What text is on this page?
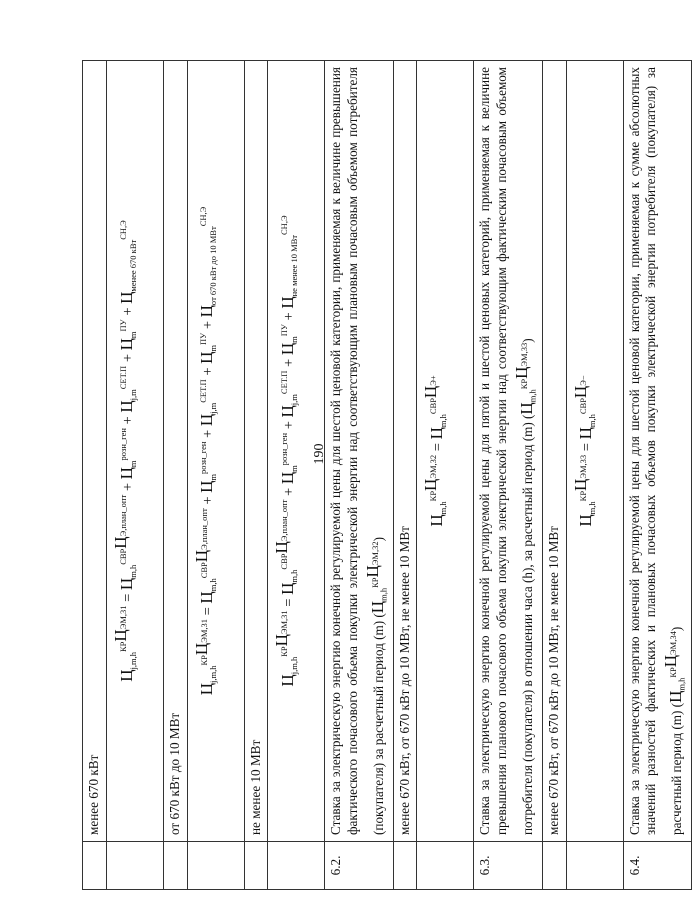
190
	менее 670 кВт
	$Ц_{j,m,h}^{КРЦЭМ,31} = Ц_{m,h}^{СВРЦЭ,план\_опт} + Ц_m^{розн\_ген} + Ц_{j,m}^{СЕТ.П} + Ц_m^{ПУ} + Ц_{менее 670 кВт}^{СН,Э}$
	от 670 кВт до 10 МВт
	$Ц_{j,m,h}^{КРЦЭМ,31} = Ц_{m,h}^{СВРЦЭ,план\_опт} + Ц_m^{розн\_ген} + Ц_{j,m}^{СЕТ.П} + Ц_m^{ПУ} + Ц_{от 670 кВт до 10 МВт}^{СН,Э}$
	не менее 10 МВт
	$Ц_{j,m,h}^{КРЦЭМ,31} = Ц_{m,h}^{СВРЦЭ,план\_опт} + Ц_m^{розн\_ген} + Ц_{j,m}^{СЕТ.П} + Ц_m^{ПУ} + Ц_{не менее 10 МВт}^{СН,Э}$
6.2.	Ставка за электрическую энергию конечной регулируемой цены для шестой ценовой категории, применяемая к величине превышения фактического почасового объема покупки электрической энергии над соответствующим плановым почасовым объемом потребителя (покупателя) за расчетный период (m) $(Ц_{m,h}^{КРЦЭМ,32})$
	менее 670 кВт, от 670 кВт до 10 МВт, не менее 10 МВт
	$Ц_{m,h}^{КРЦЭМ,32} = Ц_{m,h}^{СВРЦЭ+}$
6.3.	Ставка за электрическую энергию конечной регулируемой цены для пятой и шестой ценовых категорий, применяемая к величине превышения планового почасового объема покупки электрической энергии над соответствующим фактическим почасовым объемом потребителя (покупателя) в отношении часа (h), за расчетный период (m) $(Ц_{m,h}^{КРЦЭМ,33})$
	менее 670 кВт, от 670 кВт до 10 МВт, не менее 10 МВт
	$Ц_{m,h}^{КРЦЭМ,33} = Ц_{m,h}^{СВРЦЭ-}$
6.4.	Ставка за электрическую энергию конечной регулируемой цены для шестой ценовой категории, применяемая к сумме абсолютных значений разностей фактических и плановых почасовых объемов покупки электрической энергии потребителя (покупателя) за расчетный период (m) $(Ц_{m,h}^{КРЦЭМ,34})$
